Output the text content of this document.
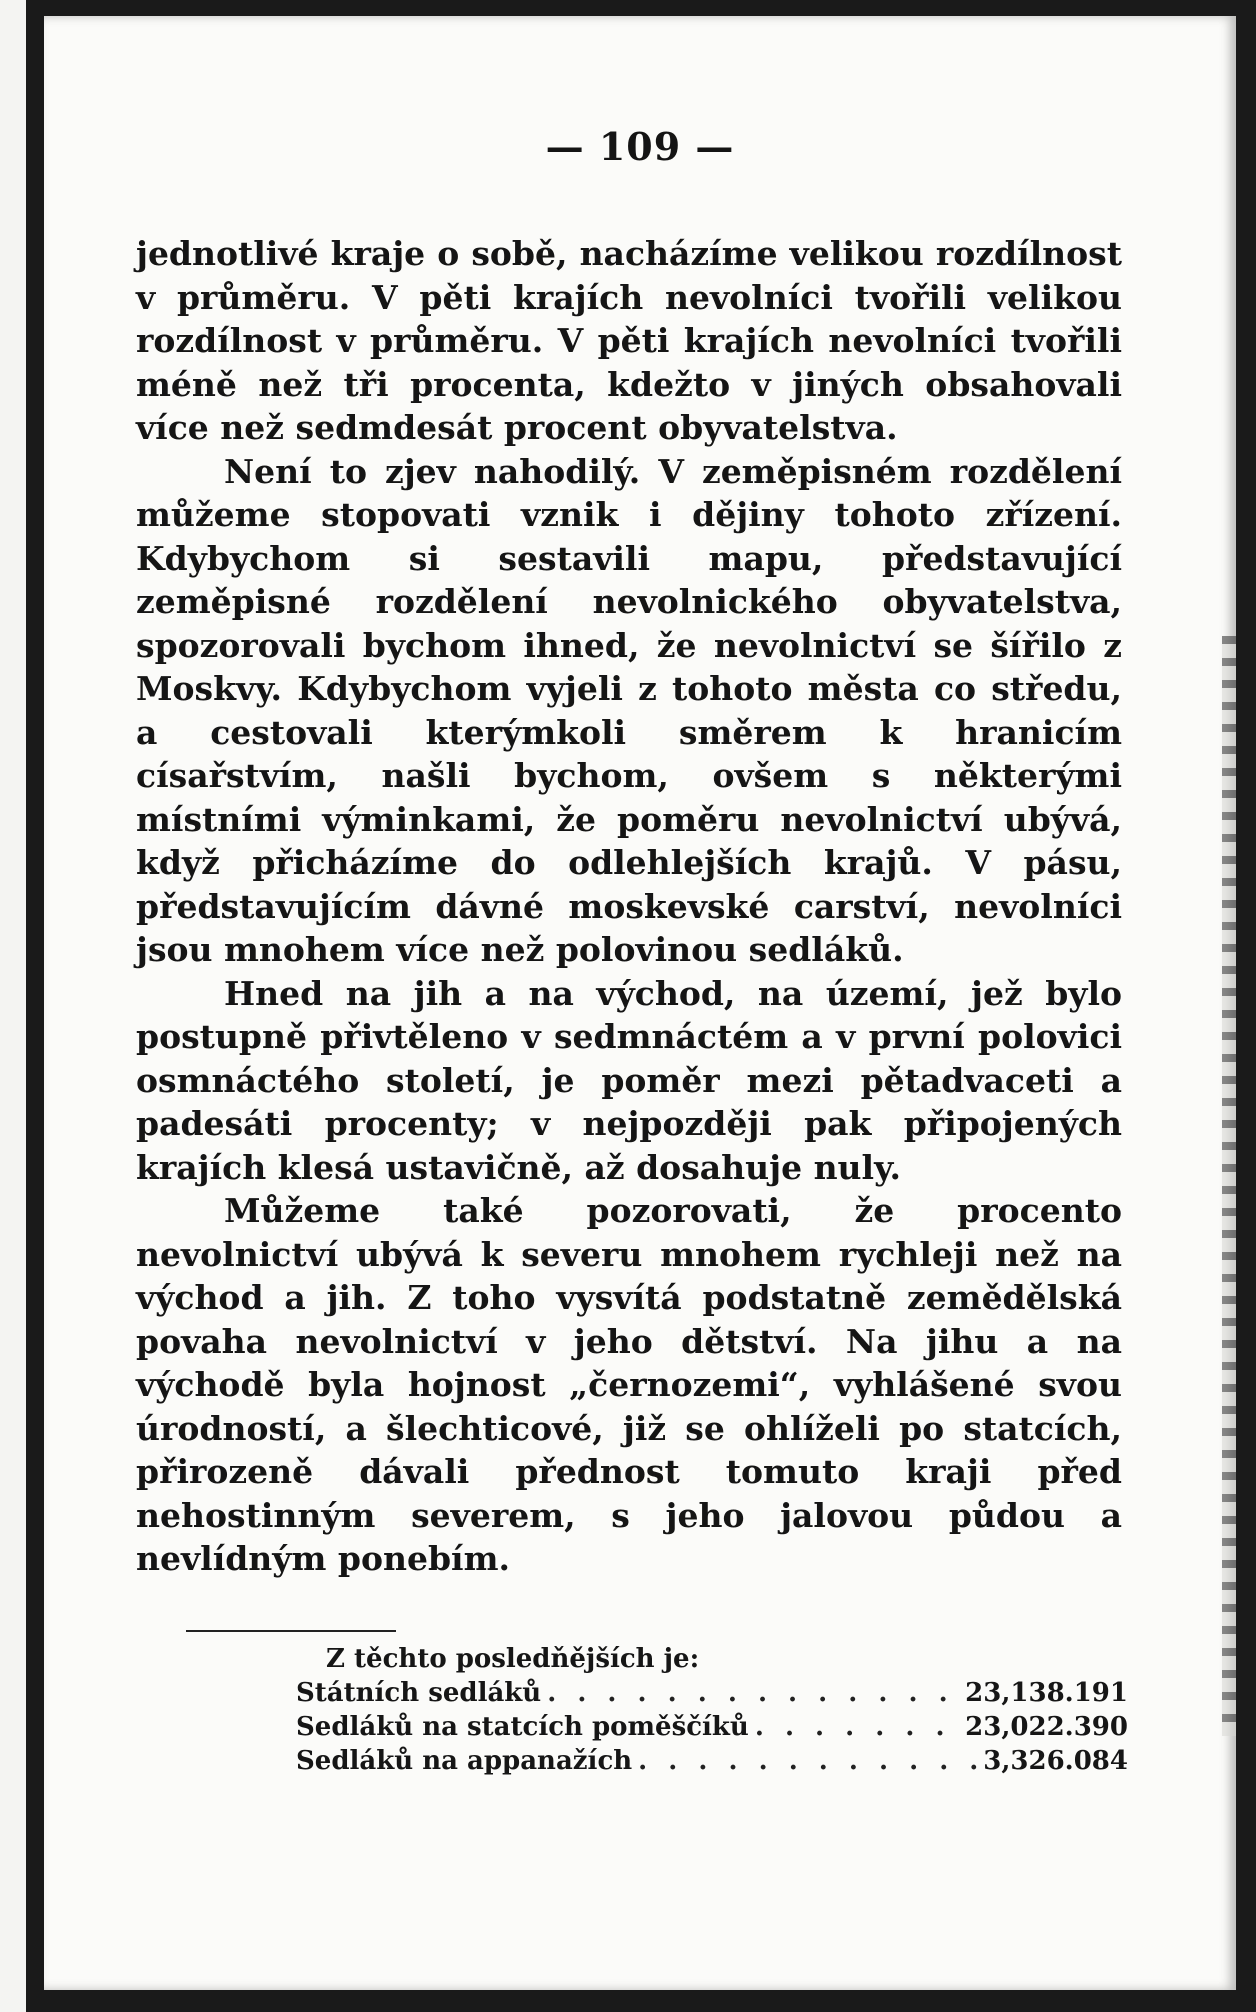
— 109 —

jednotlivé kraje o sobě, nacházíme velikou rozdílnost v průměru. V pěti krajích nevolníci tvořili velikou rozdílnost v průměru. V pěti krajích nevolníci tvořili méně než tři procenta, kdežto v jiných obsahovali více než sedmdesát procent obyvatelstva.

Není to zjev nahodilý. V zeměpisném rozdělení můžeme stopovati vznik i dějiny tohoto zřízení. Kdybychom si sestavili mapu, představující zeměpisné rozdělení nevolnického obyvatelstva, spozorovali bychom ihned, že nevolnictví se šířilo z Moskvy. Kdybychom vyjeli z tohoto města co středu, a cestovali kterýmkoli směrem k hranicím císařstvím, našli bychom, ovšem s některými místními výminkami, že poměru nevolnictví ubývá, když přicházíme do odlehlejších krajů. V pásu, představujícím dávné moskevské carství, nevolníci jsou mnohem více než polovinou sedláků.

Hned na jih a na východ, na území, jež bylo postupně přivtěleno v sedmnáctém a v první polovici osmnáctého století, je poměr mezi pětadvaceti a padesáti procenty; v nejpozději pak připojených krajích klesá ustavičně, až dosahuje nuly.

Můžeme také pozorovati, že procento nevolnictví ubývá k severu mnohem rychleji než na východ a jih. Z toho vysvítá podstatně zemědělská povaha nevolnictví v jeho dětství. Na jihu a na východě byla hojnost „černozemi“, vyhlášené svou úrodností, a šlechticové, již se ohlíželi po statcích, přirozeně dávali přednost tomuto kraji před nehostinným severem, s jeho jalovou půdou a nevlídným ponebím.

Z těchto posledňějších je:
Státních sedláků . . .	23,138.191
Sedláků na statcích poměščíků . . .	23,022.390
Sedláků na appanažích . . .	3,326.084
